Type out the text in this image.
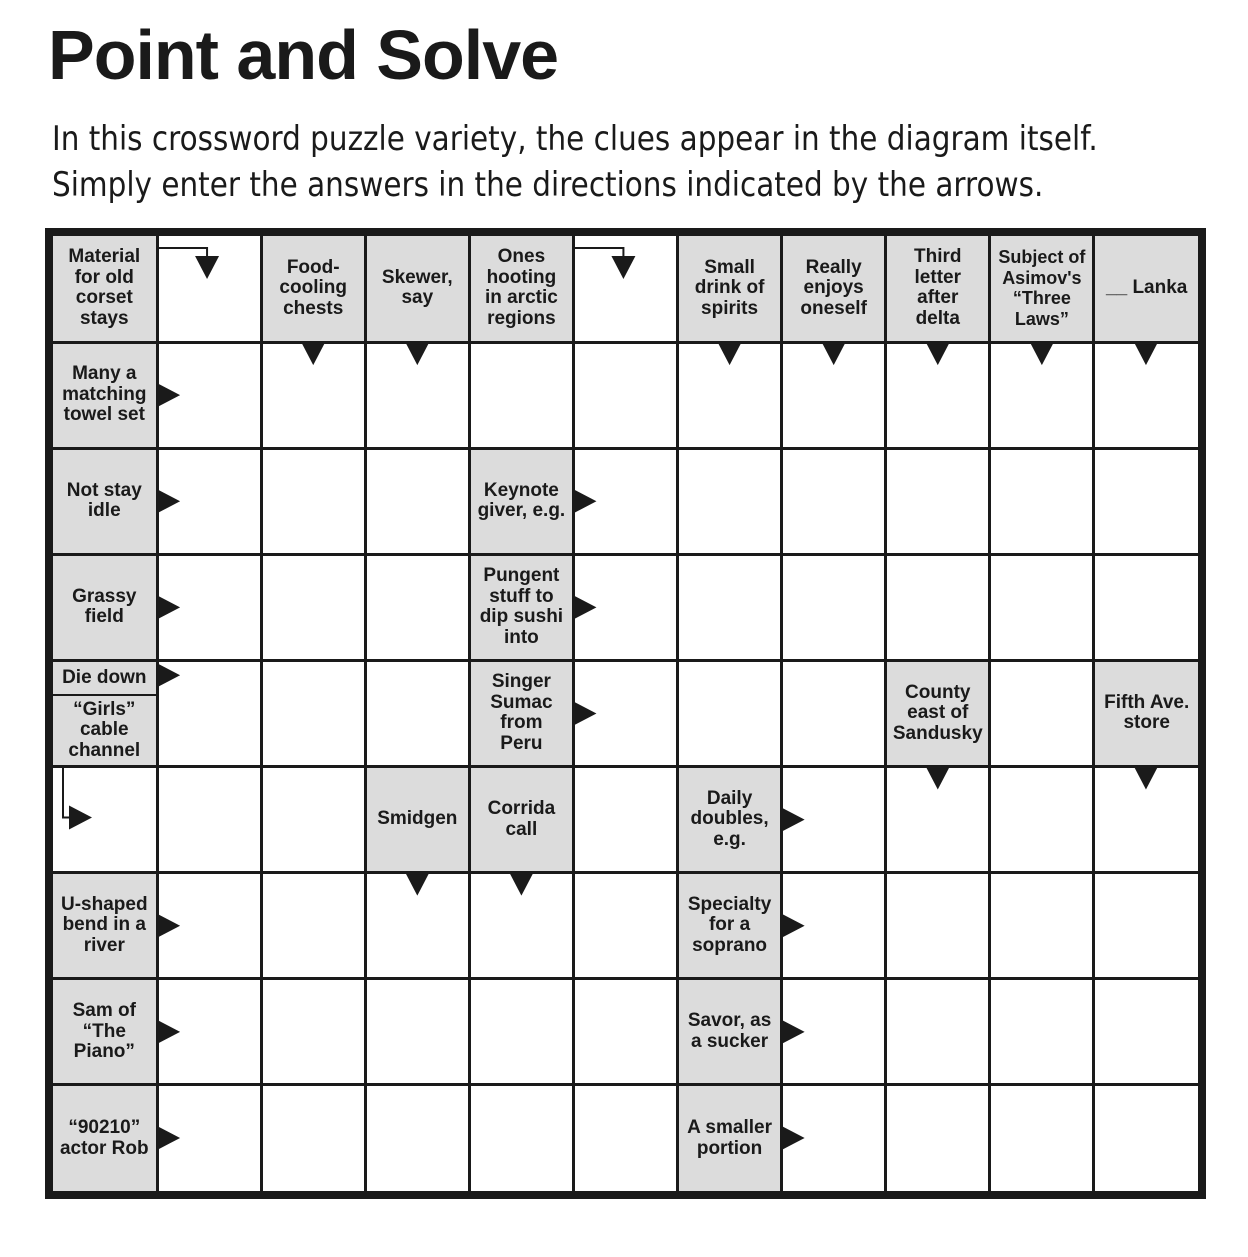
Point and Solve
In this crossword puzzle variety, the clues appear in the diagram itself.
Simply enter the answers in the directions indicated by the arrows.
Material
for old
corset
stays
Food-
cooling
chests
Skewer,
say
Ones
hooting
in arctic
regions
Small
drink of
spirits
Really
enjoys
oneself
Third
letter
after
delta
Subject of
Asimov's
“Three
Laws”
__ Lanka
Many a
matching
towel set
Not stay
idle
Keynote
giver, e.g.
Grassy
field
Pungent
stuff to
dip sushi
into
Die down
“Girls”
cable
channel
Singer
Sumac
from
Peru
County
east of
Sandusky
Fifth Ave.
store
Smidgen Corrida
call
Daily
doubles,
e.g.
U-shaped
bend in a
river
Specialty
for a
soprano
Sam of
“The
Piano”
Savor, as
a sucker
“90210”
actor Rob
A smaller
portion
